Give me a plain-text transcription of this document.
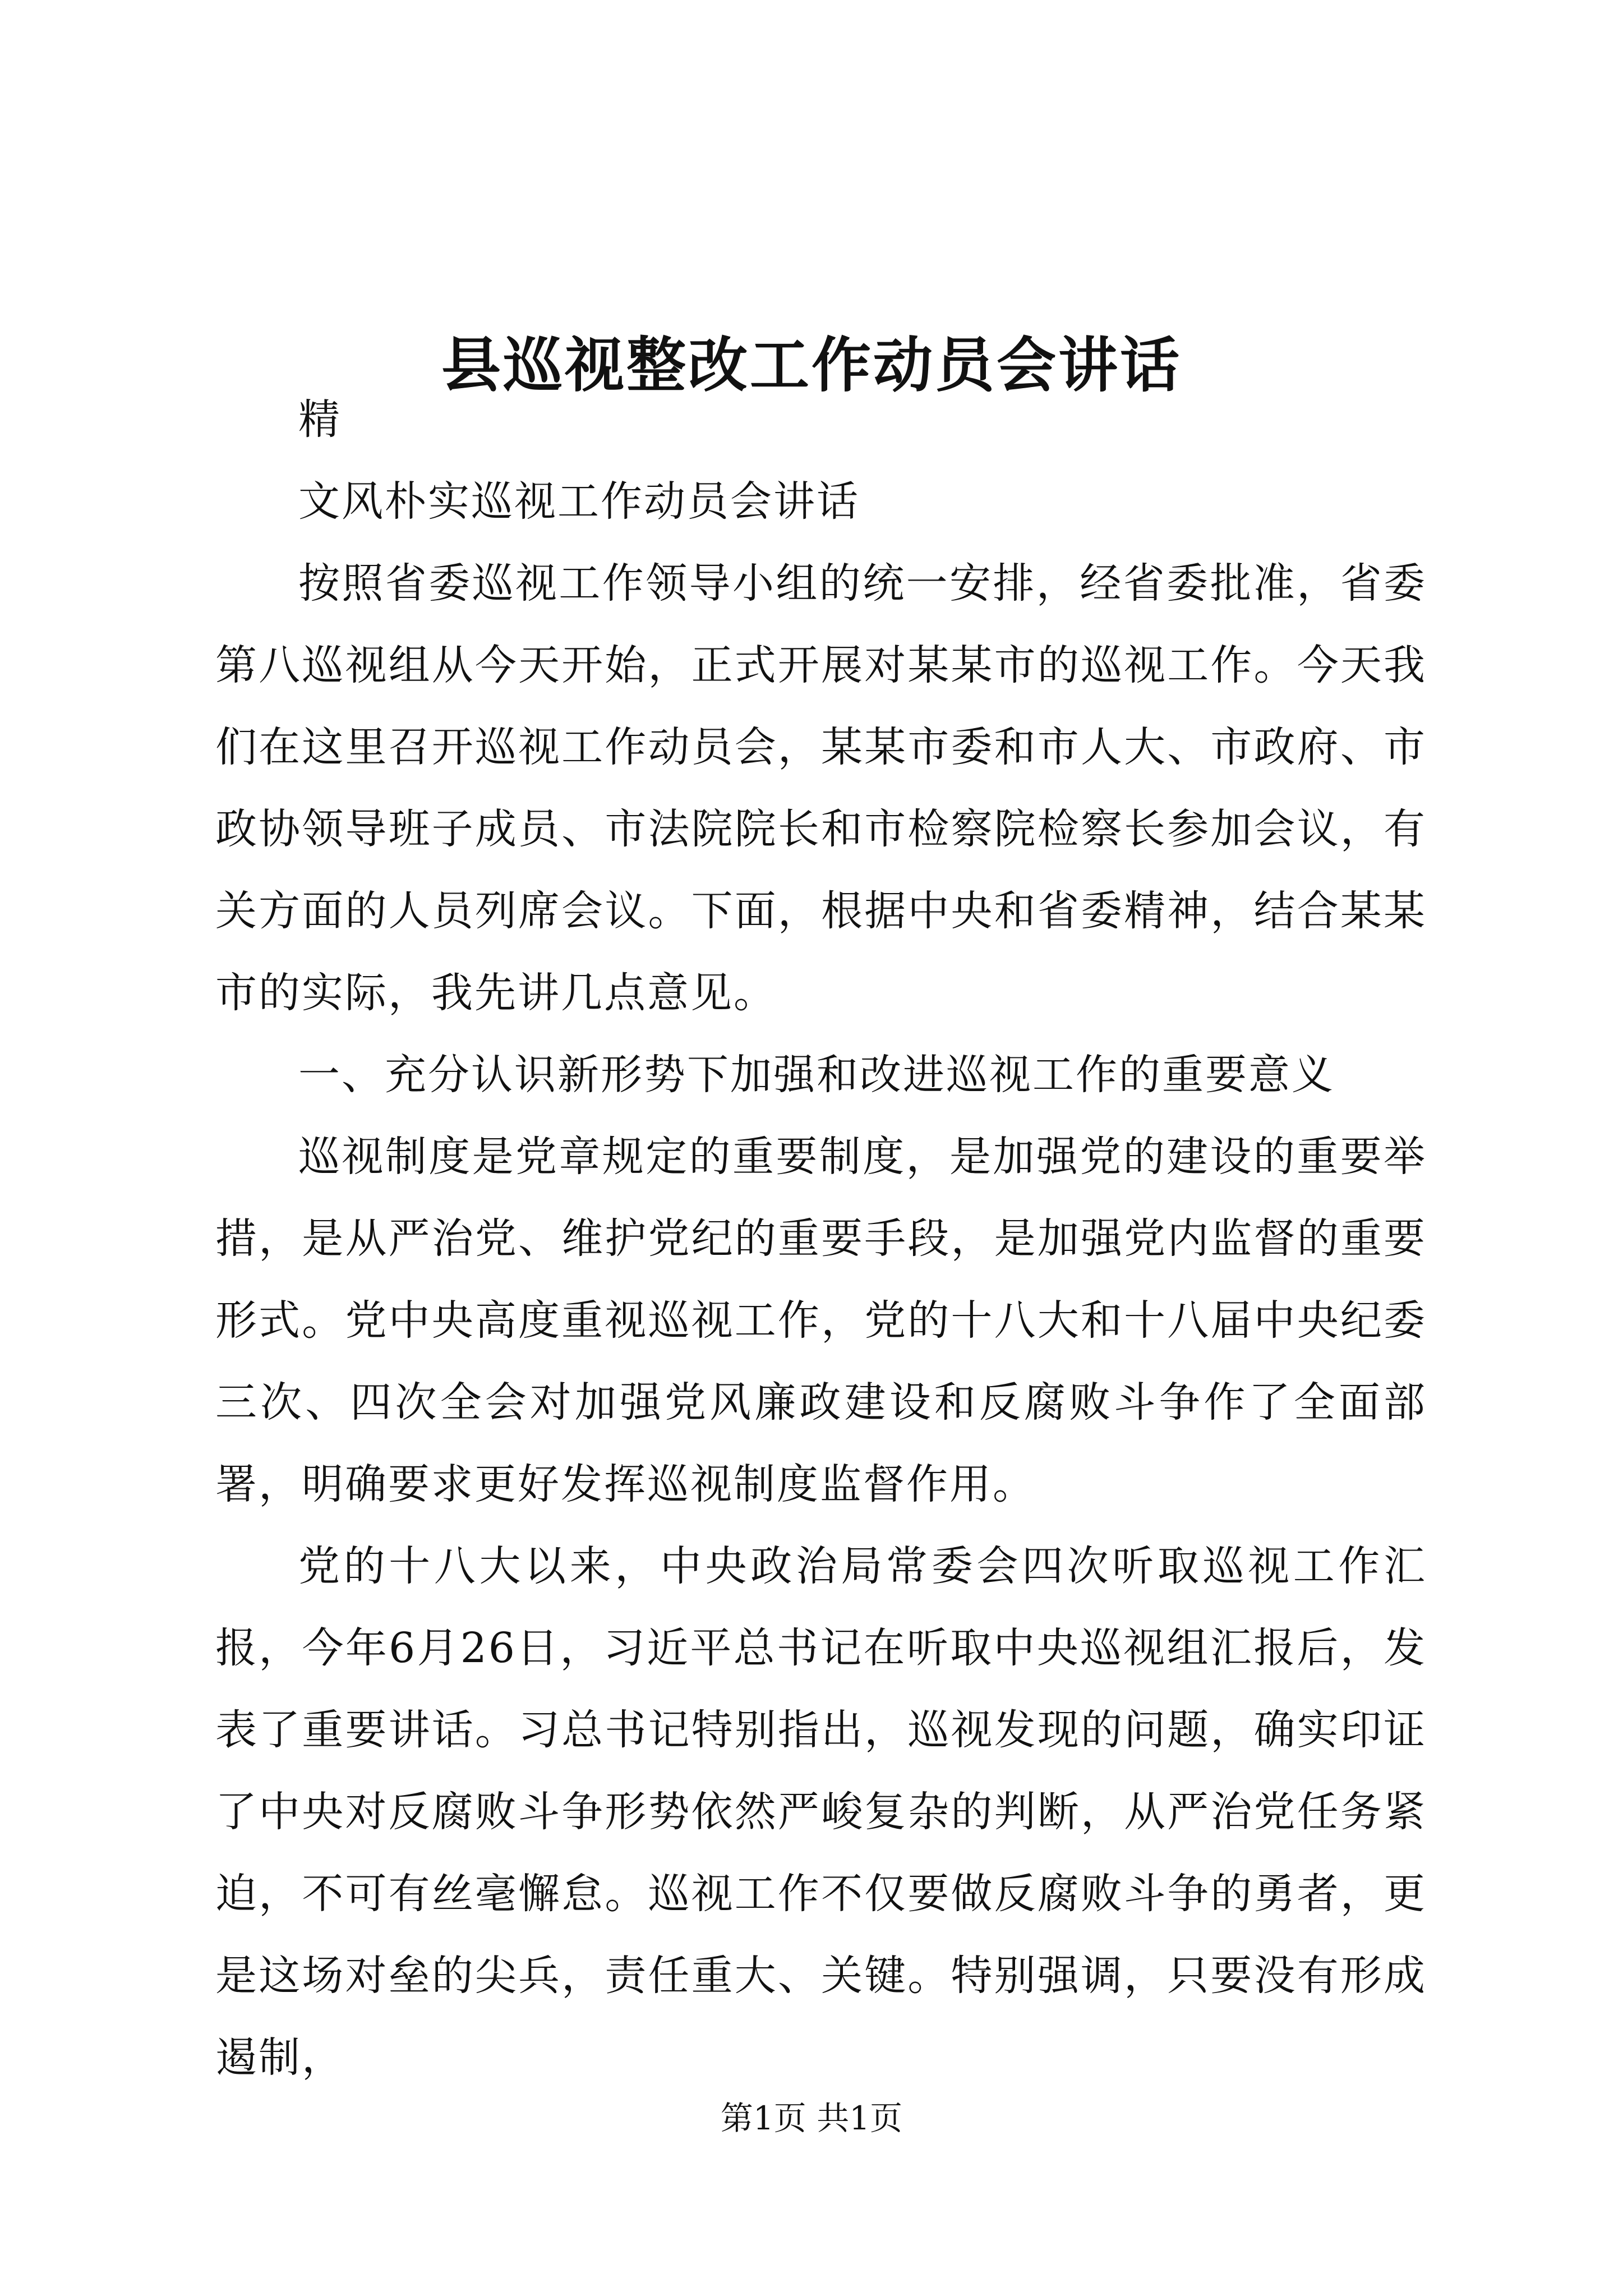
县巡视整改工作动员会讲话

精

文风朴实巡视工作动员会讲话

按照省委巡视工作领导小组的统一安排，经省委批准，省委第八巡视组从今天开始，正式开展对某某市的巡视工作。今天我们在这里召开巡视工作动员会，某某市委和市人大、市政府、市政协领导班子成员、市法院院长和市检察院检察长参加会议，有关方面的人员列席会议。下面，根据中央和省委精神，结合某某市的实际，我先讲几点意见。

一、充分认识新形势下加强和改进巡视工作的重要意义

巡视制度是党章规定的重要制度，是加强党的建设的重要举措，是从严治党、维护党纪的重要手段，是加强党内监督的重要形式。党中央高度重视巡视工作，党的十八大和十八届中央纪委三次、四次全会对加强党风廉政建设和反腐败斗争作了全面部署，明确要求更好发挥巡视制度监督作用。

党的十八大以来，中央政治局常委会四次听取巡视工作汇报，今年6月26日，习近平总书记在听取中央巡视组汇报后，发表了重要讲话。习总书记特别指出，巡视发现的问题，确实印证了中央对反腐败斗争形势依然严峻复杂的判断，从严治党任务紧迫，不可有丝毫懈怠。巡视工作不仅要做反腐败斗争的勇者，更是这场对垒的尖兵，责任重大、关键。特别强调，只要没有形成遏制，

第1页 共1页
